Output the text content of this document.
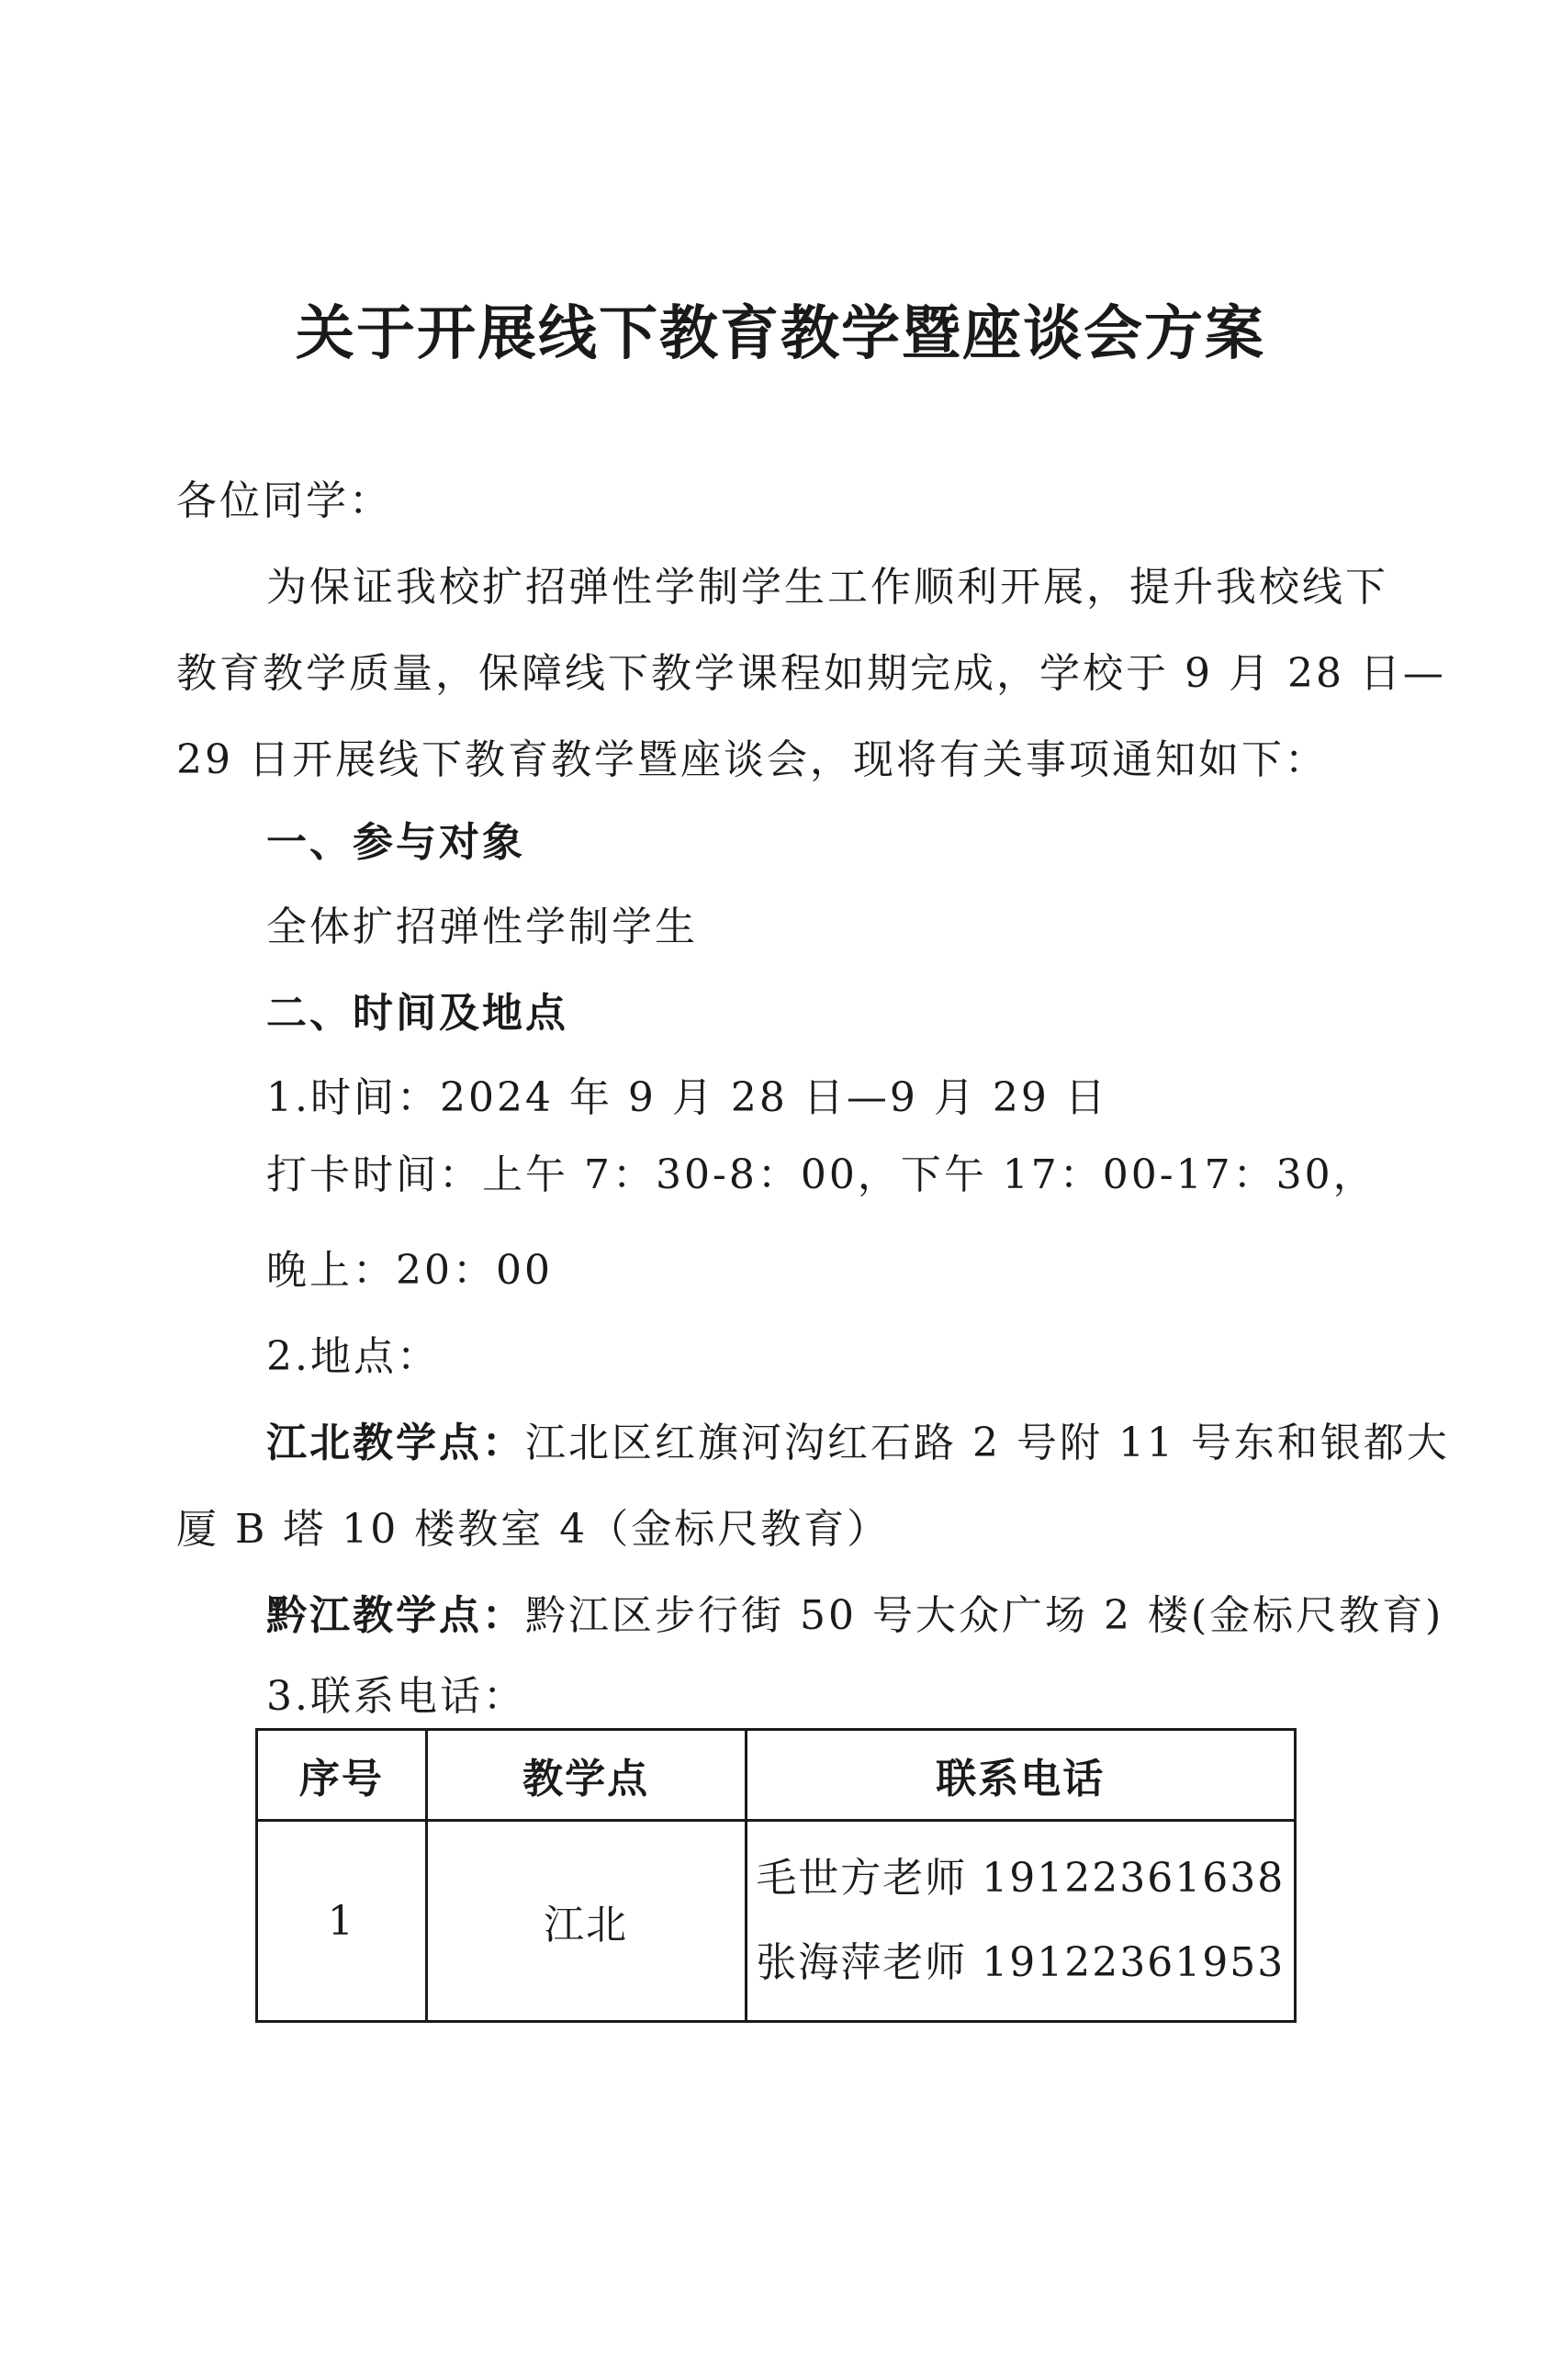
关于开展线下教育教学暨座谈会方案

各位同学：

为保证我校扩招弹性学制学生工作顺利开展，提升我校线下

教育教学质量，保障线下教学课程如期完成，学校于 9 月 28 日—

29 日开展线下教育教学暨座谈会，现将有关事项通知如下：

一、参与对象

全体扩招弹性学制学生

二、时间及地点

1.时间：2024 年 9 月 28 日—9 月 29 日

打卡时间：上午 7：30-8：00，下午 17：00-17：30，

晚上：20：00

2.地点：

江北教学点：江北区红旗河沟红石路 2 号附 11 号东和银都大

厦 B 塔 10 楼教室 4（金标尺教育）

黔江教学点：黔江区步行街 50 号大众广场 2 楼(金标尺教育)

3.联系电话：

序号	教学点	联系电话
1	江北	毛世方老师 19122361638
张海萍老师 19122361953
